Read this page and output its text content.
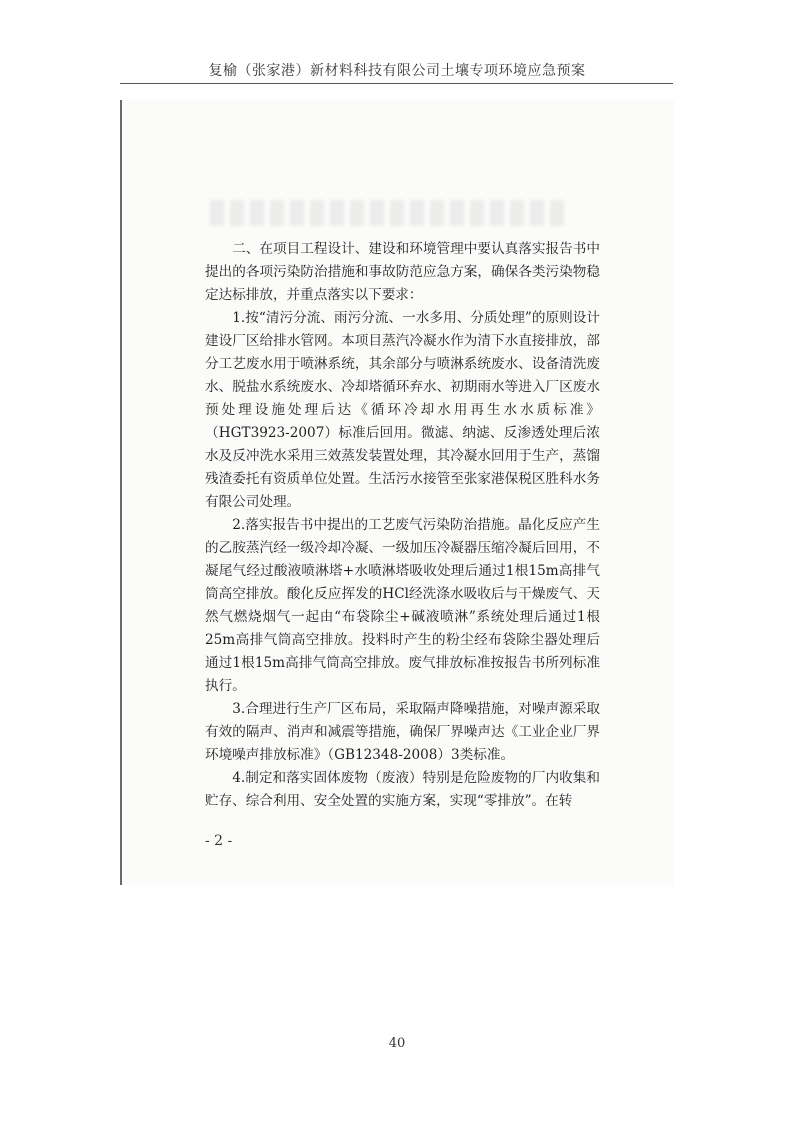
复榆（张家港）新材料科技有限公司土壤专项环境应急预案

二、在项目工程设计、建设和环境管理中要认真落实报告书中提出的各项污染防治措施和事故防范应急方案，确保各类污染物稳定达标排放，并重点落实以下要求：

1.按“清污分流、雨污分流、一水多用、分质处理”的原则设计建设厂区给排水管网。本项目蒸汽冷凝水作为清下水直接排放，部分工艺废水用于喷淋系统，其余部分与喷淋系统废水、设备清洗废水、脱盐水系统废水、冷却塔循环弃水、初期雨水等进入厂区废水预处理设施处理后达《循环冷却水用再生水水质标准》（HGT3923-2007）标准后回用。微滤、纳滤、反渗透处理后浓水及反冲洗水采用三效蒸发装置处理，其冷凝水回用于生产，蒸馏残渣委托有资质单位处置。生活污水接管至张家港保税区胜科水务有限公司处理。

2.落实报告书中提出的工艺废气污染防治措施。晶化反应产生的乙胺蒸汽经一级冷却冷凝、一级加压冷凝器压缩冷凝后回用，不凝尾气经过酸液喷淋塔+水喷淋塔吸收处理后通过1根15m高排气筒高空排放。酸化反应挥发的HCl经洗涤水吸收后与干燥废气、天然气燃烧烟气一起由“布袋除尘+碱液喷淋”系统处理后通过1根25m高排气筒高空排放。投料时产生的粉尘经布袋除尘器处理后通过1根15m高排气筒高空排放。废气排放标准按报告书所列标准执行。

3.合理进行生产厂区布局，采取隔声降噪措施，对噪声源采取有效的隔声、消声和减震等措施，确保厂界噪声达《工业企业厂界环境噪声排放标准》（GB12348-2008）3类标准。

4.制定和落实固体废物（废液）特别是危险废物的厂内收集和贮存、综合利用、安全处置的实施方案，实现“零排放”。在转

- 2 -
40
